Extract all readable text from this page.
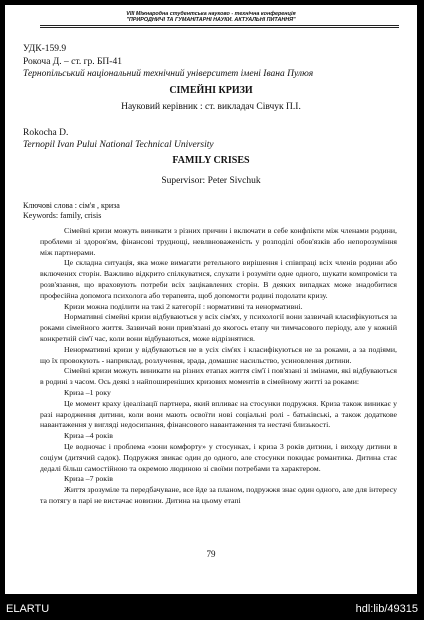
VIII Міжнародна студентська науково - технічна конференція
"ПРИРОДНИЧІ ТА ГУМАНІТАРНІ НАУКИ. АКТУАЛЬНІ ПИТАННЯ"
УДК-159.9
Рокоча Д. – ст. гр. БП-41
Тернопільський національний технічний університет імені Івана Пулюя
СІМЕЙНІ КРИЗИ
Науковий керівник : ст. викладач Сівчук П.І.
Rokocha D.
Ternopil Ivan Pului National Technical University
FAMILY CRISES
Supervisor: Peter Sivchuk
Ключові слова : сім'я , криза
Keywords: family, crisis

Сімейні кризи можуть виникати з різних причин і включати в себе конфлікти між членами родини, проблеми зі здоров'ям, фінансові труднощі, невлвноваженість у розподілі обов'язків або непорозуміння між партнерами.

Це складна ситуація, яка може вимагати ретельного вирішення і співпраці всіх членів родини або включених сторін. Важливо відкрито спілкуватися, слухати і розуміти одне одного, шукати компроміси та розв'язання, що враховують потреби всіх зацікавлених сторін. В деяких випадках може знадобитися професійна допомога психолога або терапевта, щоб допомогти родині подолати кризу.

Кризи можна поділити на такі 2 категорії : нормативні та ненормативні.

Нормативні сімейні кризи відбуваються у всіх сім'ях, у психології вони зазвичай класифікуються за роками сімейного життя. Зазвичай вони прив'язані до якогось етапу чи тимчасового періоду, але у кожній конкретній сім'ї час, коли вони відбуваються, може відрізнятися.

Ненормативні кризи у відбуваються не в усіх сім'ях і класифікуються не за роками, а за подіями, що їх провокують - наприклад, розлучення, зрада, домашнє насильство, усиновлення дитини.

Сімейні кризи можуть виникати на різних етапах життя сім'ї і пов'язані зі змінами, які відбуваються в родині з часом. Ось деякі з найпоширеніших кризових моментів в сімейному житті за роками:

Криза –1 року

Це момент краху ідеалізації партнера, який впливає на стосунки подружжя. Криза також виникає у разі народження дитини, коли вони мають освоїти нові соціальні ролі - батьківські, а також додаткове навантаження у вигляді недосипання, фінансового навантаження та нестачі близькості.

Криза –4 років

Це водночас і проблема «зони комфорту» у стосунках, і криза 3 років дитини, і виходу дитини в соціум (дитячий садок). Подружжя звикає один до одного, але стосунки покидає романтика. Дитина стає дедалі більш самостійною та окремою людиною зі своїми потребами та характером.

Криза –7 років

Життя зрозуміле та передбачуване, все йде за планом, подружжя знає один одного, але для інтересу та потягу в парі не вистачає новизни. Дитина на цьому етапі

79
ELARTU	hdl:lib/49315
